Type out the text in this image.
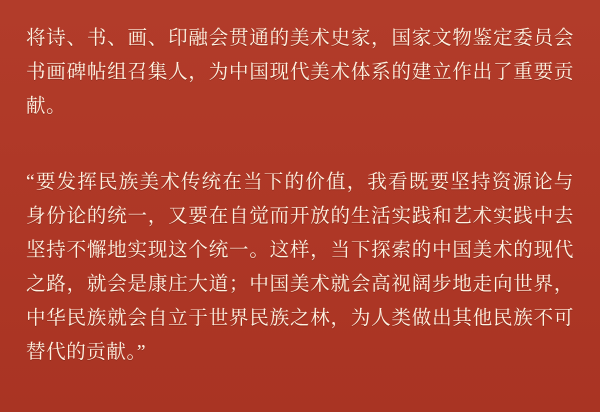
将诗、书、画、印融会贯通的美术史家，国家文物鉴定委员会书画碑帖组召集人，为中国现代美术体系的建立作出了重要贡献。

“要发挥民族美术传统在当下的价值，我看既要坚持资源论与身份论的统一，又要在自觉而开放的生活实践和艺术实践中去坚持不懈地实现这个统一。这样，当下探索的中国美术的现代之路，就会是康庄大道；中国美术就会高视阔步地走向世界，中华民族就会自立于世界民族之林，为人类做出其他民族不可替代的贡献。”
